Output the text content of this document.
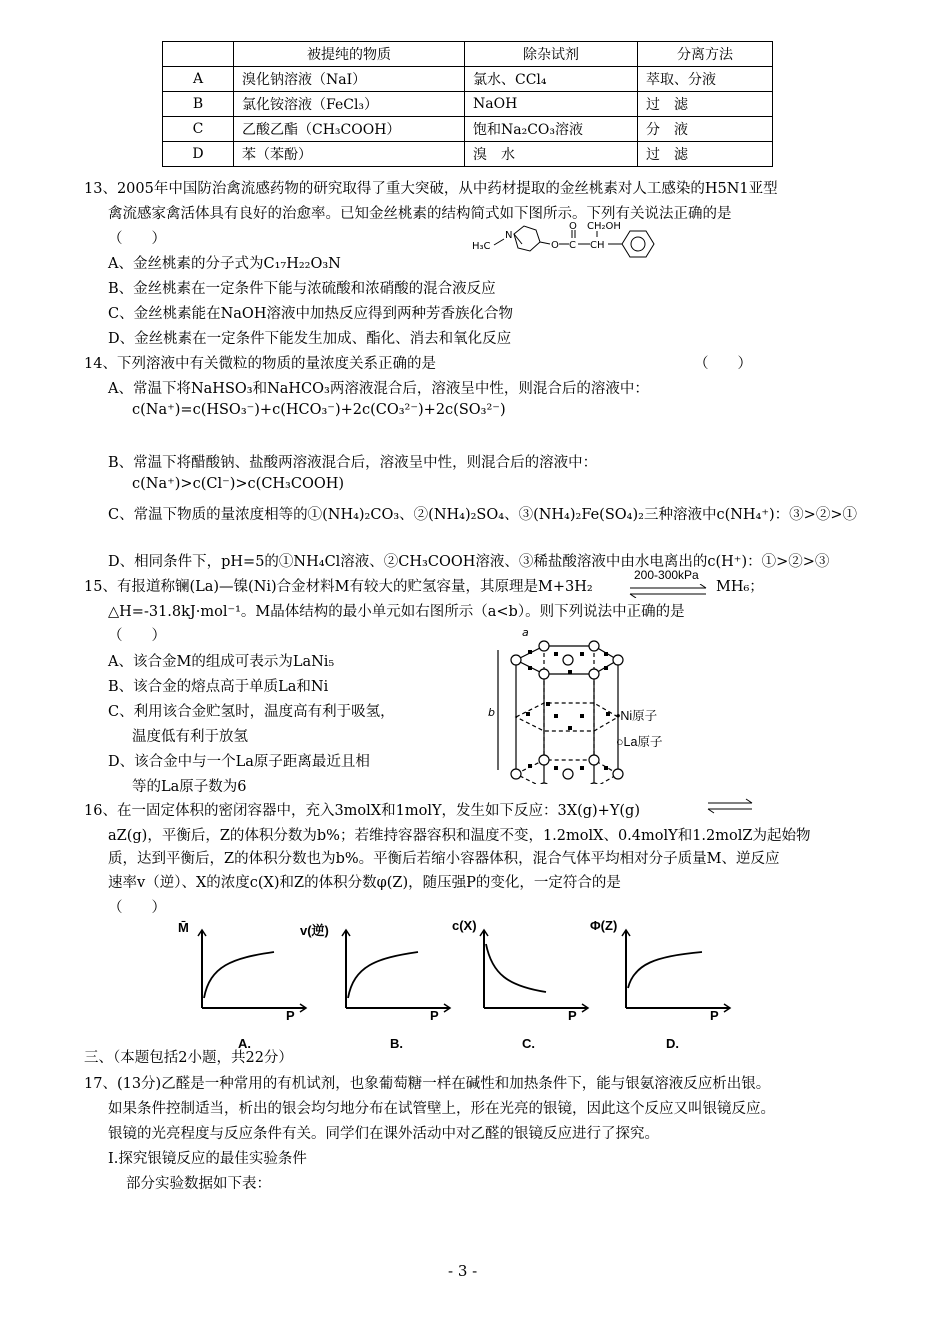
	被提纯的物质	除杂试剂	分离方法
A	溴化钠溶液（NaI）	氯水、CCl₄	萃取、分液
B	氯化铵溶液（FeCl₃）	NaOH	过　滤
C	乙酸乙酯（CH₃COOH）	饱和Na₂CO₃溶液	分　液
D	苯（苯酚）	溴　水	过　滤
13、2005年中国防治禽流感药物的研究取得了重大突破，从中药材提取的金丝桃素对人工感染的H5N1亚型
禽流感家禽活体具有良好的治愈率。已知金丝桃素的结构简式如下图所示。下列有关说法正确的是
（　　）	H₃C
N
O C
O
CH
CH₂OH
A、金丝桃素的分子式为C₁₇H₂₂O₃N
B、金丝桃素在一定条件下能与浓硫酸和浓硝酸的混合液反应
C、金丝桃素能在NaOH溶液中加热反应得到两种芳香族化合物
D、金丝桃素在一定条件下能发生加成、酯化、消去和氧化反应
14、下列溶液中有关微粒的物质的量浓度关系正确的是	（　　）
A、常温下将NaHSO₃和NaHCO₃两溶液混合后，溶液呈中性，则混合后的溶液中：
c(Na⁺)=c(HSO₃⁻)+c(HCO₃⁻)+2c(CO₃²⁻)+2c(SO₃²⁻)
B、常温下将醋酸钠、盐酸两溶液混合后，溶液呈中性，则混合后的溶液中：
c(Na⁺)>c(Cl⁻)>c(CH₃COOH)
C、常温下物质的量浓度相等的①(NH₄)₂CO₃、②(NH₄)₂SO₄、③(NH₄)₂Fe(SO₄)₂三种溶液中c(NH₄⁺)：③>②>①
D、相同条件下，pH=5的①NH₄Cl溶液、②CH₃COOH溶液、③稀盐酸溶液中由水电离出的c(H⁺)：①>②>③
15、有报道称镧(La)—镍(Ni)合金材料M有较大的贮氢容量，其原理是M+3H₂
200-300kPa
MH₆；
△H=-31.8kJ·mol⁻¹。M晶体结构的最小单元如右图所示（a<b）。则下列说法中正确的是
（　　）
A、该合金M的组成可表示为LaNi₅
B、该合金的熔点高于单质La和Ni
C、利用该合金贮氢时，温度高有利于吸氢，
温度低有利于放氢
D、该合金中与一个La原子距离最近且相
等的La原子数为6
a
b	•Ni原子
○La原子
16、在一固定体积的密闭容器中，充入3molX和1molY，发生如下反应：3X(g)+Y(g)
aZ(g)，平衡后，Z的体积分数为b%；若维持容器容积和温度不变，1.2molX、0.4molY和1.2molZ为起始物
质，达到平衡后，Z的体积分数也为b%。平衡后若缩小容器体积，混合气体平均相对分子质量M、逆反应
速率v（逆）、X的浓度c(X)和Z的体积分数φ(Z)，随压强P的变化，一定符合的是
（　　）
M̄	v(逆)	c(X)	Φ(Z)
P	P	P	P
A.	B.	C.	D.
三、（本题包括2小题，共22分）
17、(13分)乙醛是一种常用的有机试剂，也象葡萄糖一样在碱性和加热条件下，能与银氨溶液反应析出银。
如果条件控制适当，析出的银会均匀地分布在试管壁上，形在光亮的银镜，因此这个反应又叫银镜反应。
银镜的光亮程度与反应条件有关。同学们在课外活动中对乙醛的银镜反应进行了探究。
Ⅰ.探究银镜反应的最佳实验条件
部分实验数据如下表：
- 3 -
